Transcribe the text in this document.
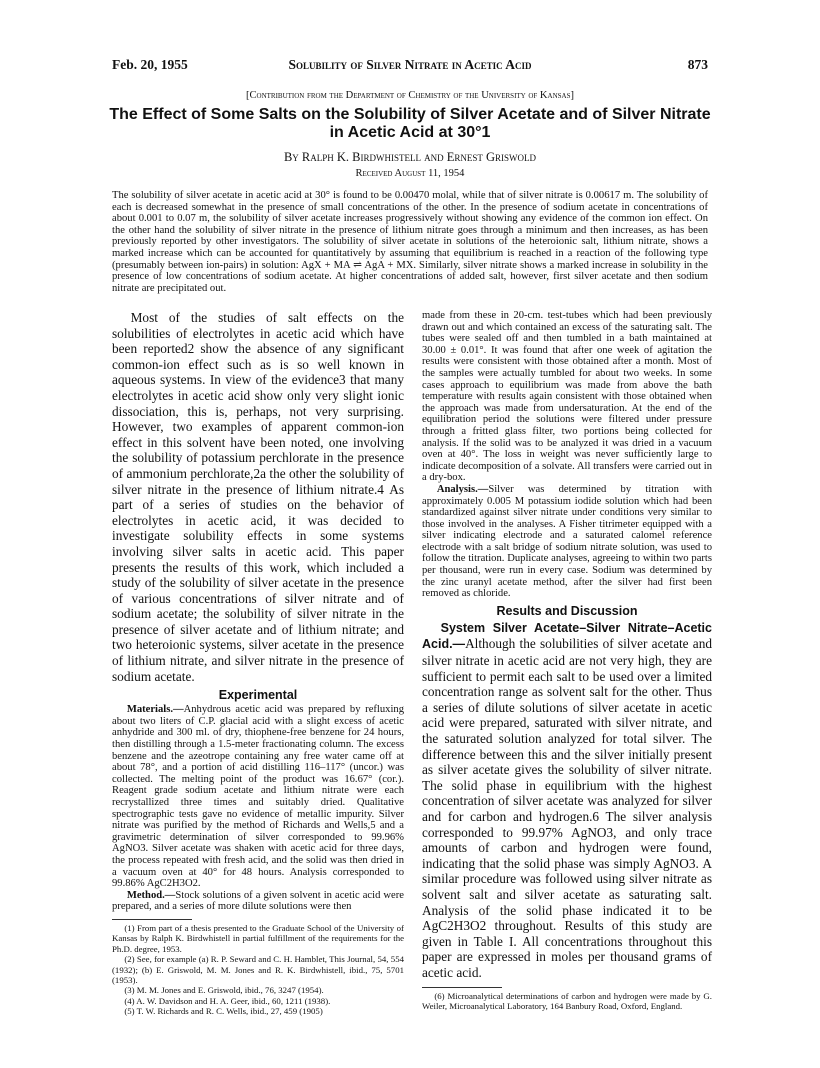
Feb. 20, 1955	Solubility of Silver Nitrate in Acetic Acid	873
[Contribution from the Department of Chemistry of the University of Kansas]
The Effect of Some Salts on the Solubility of Silver Acetate and of Silver Nitrate in Acetic Acid at 30°1
By Ralph K. Birdwhistell and Ernest Griswold
Received August 11, 1954
The solubility of silver acetate in acetic acid at 30° is found to be 0.00470 molal, while that of silver nitrate is 0.00617 m. The solubility of each is decreased somewhat in the presence of small concentrations of the other. In the presence of sodium acetate in concentrations of about 0.001 to 0.07 m, the solubility of silver acetate increases progressively without showing any evidence of the common ion effect. On the other hand the solubility of silver nitrate in the presence of lithium nitrate goes through a minimum and then increases, as has been previously reported by other investigators. The solubility of silver acetate in solutions of the heteroionic salt, lithium nitrate, shows a marked increase which can be accounted for quantitatively by assuming that equilibrium is reached in a reaction of the following type (presumably between ion-pairs) in solution: AgX + MA ⇌ AgA + MX. Similarly, silver nitrate shows a marked increase in solubility in the presence of low concentrations of sodium acetate. At higher concentrations of added salt, however, first silver acetate and then sodium nitrate are precipitated out.

Most of the studies of salt effects on the solubilities of electrolytes in acetic acid which have been reported2 show the absence of any significant common-ion effect such as is so well known in aqueous systems. In view of the evidence3 that many electrolytes in acetic acid show only very slight ionic dissociation, this is, perhaps, not very surprising. However, two examples of apparent common-ion effect in this solvent have been noted, one involving the solubility of potassium perchlorate in the presence of ammonium perchlorate,2a the other the solubility of silver nitrate in the presence of lithium nitrate.4 As part of a series of studies on the behavior of electrolytes in acetic acid, it was decided to investigate solubility effects in some systems involving silver salts in acetic acid. This paper presents the results of this work, which included a study of the solubility of silver acetate in the presence of various concentrations of silver nitrate and of sodium acetate; the solubility of silver nitrate in the presence of silver acetate and of lithium nitrate; and two heteroionic systems, silver acetate in the presence of lithium nitrate, and silver nitrate in the presence of sodium acetate.

Experimental

Materials.—Anhydrous acetic acid was prepared by refluxing about two liters of C.P. glacial acid with a slight excess of acetic anhydride and 300 ml. of dry, thiophene-free benzene for 24 hours, then distilling through a 1.5-meter fractionating column. The excess benzene and the azeotrope containing any free water came off at about 78°, and a portion of acid distilling 116–117° (uncor.) was collected. The melting point of the product was 16.67° (cor.). Reagent grade sodium acetate and lithium nitrate were each recrystallized three times and suitably dried. Qualitative spectrographic tests gave no evidence of metallic impurity. Silver nitrate was purified by the method of Richards and Wells,5 and a gravimetric determination of silver corresponded to 99.96% AgNO3. Silver acetate was shaken with acetic acid for three days, the process repeated with fresh acid, and the solid was then dried in a vacuum oven at 40° for 48 hours. Analysis corresponded to 99.86% AgC2H3O2.

Method.—Stock solutions of a given solvent in acetic acid were prepared, and a series of more dilute solutions were then

(1) From part of a thesis presented to the Graduate School of the University of Kansas by Ralph K. Birdwhistell in partial fulfillment of the requirements for the Ph.D. degree, 1953.

(2) See, for example (a) R. P. Seward and C. H. Hamblet, This Journal, 54, 554 (1932); (b) E. Griswold, M. M. Jones and R. K. Birdwhistell, ibid., 75, 5701 (1953).

(3) M. M. Jones and E. Griswold, ibid., 76, 3247 (1954).

(4) A. W. Davidson and H. A. Geer, ibid., 60, 1211 (1938).

(5) T. W. Richards and R. C. Wells, ibid., 27, 459 (1905)

made from these in 20-cm. test-tubes which had been previously drawn out and which contained an excess of the saturating salt. The tubes were sealed off and then tumbled in a bath maintained at 30.00 ± 0.01°. It was found that after one week of agitation the results were consistent with those obtained after a month. Most of the samples were actually tumbled for about two weeks. In some cases approach to equilibrium was made from above the bath temperature with results again consistent with those obtained when the approach was made from undersaturation. At the end of the equilibration period the solutions were filtered under pressure through a fritted glass filter, two portions being collected for analysis. If the solid was to be analyzed it was dried in a vacuum oven at 40°. The loss in weight was never sufficiently large to indicate decomposition of a solvate. All transfers were carried out in a dry-box.

Analysis.—Silver was determined by titration with approximately 0.005 M potassium iodide solution which had been standardized against silver nitrate under conditions very similar to those involved in the analyses. A Fisher titrimeter equipped with a silver indicating electrode and a saturated calomel reference electrode with a salt bridge of sodium nitrate solution, was used to follow the titration. Duplicate analyses, agreeing to within two parts per thousand, were run in every case. Sodium was determined by the zinc uranyl acetate method, after the silver had first been removed as chloride.

Results and Discussion

System Silver Acetate–Silver Nitrate–Acetic Acid.—Although the solubilities of silver acetate and silver nitrate in acetic acid are not very high, they are sufficient to permit each salt to be used over a limited concentration range as solvent salt for the other. Thus a series of dilute solutions of silver acetate in acetic acid were prepared, saturated with silver nitrate, and the saturated solution analyzed for total silver. The difference between this and the silver initially present as silver acetate gives the solubility of silver nitrate. The solid phase in equilibrium with the highest concentration of silver acetate was analyzed for silver and for carbon and hydrogen.6 The silver analysis corresponded to 99.97% AgNO3, and only trace amounts of carbon and hydrogen were found, indicating that the solid phase was simply AgNO3. A similar procedure was followed using silver nitrate as solvent salt and silver acetate as saturating salt. Analysis of the solid phase indicated it to be AgC2H3O2 throughout. Results of this study are given in Table I. All concentrations throughout this paper are expressed in moles per thousand grams of acetic acid.

(6) Microanalytical determinations of carbon and hydrogen were made by G. Weiler, Microanalytical Laboratory, 164 Banbury Road, Oxford, England.
